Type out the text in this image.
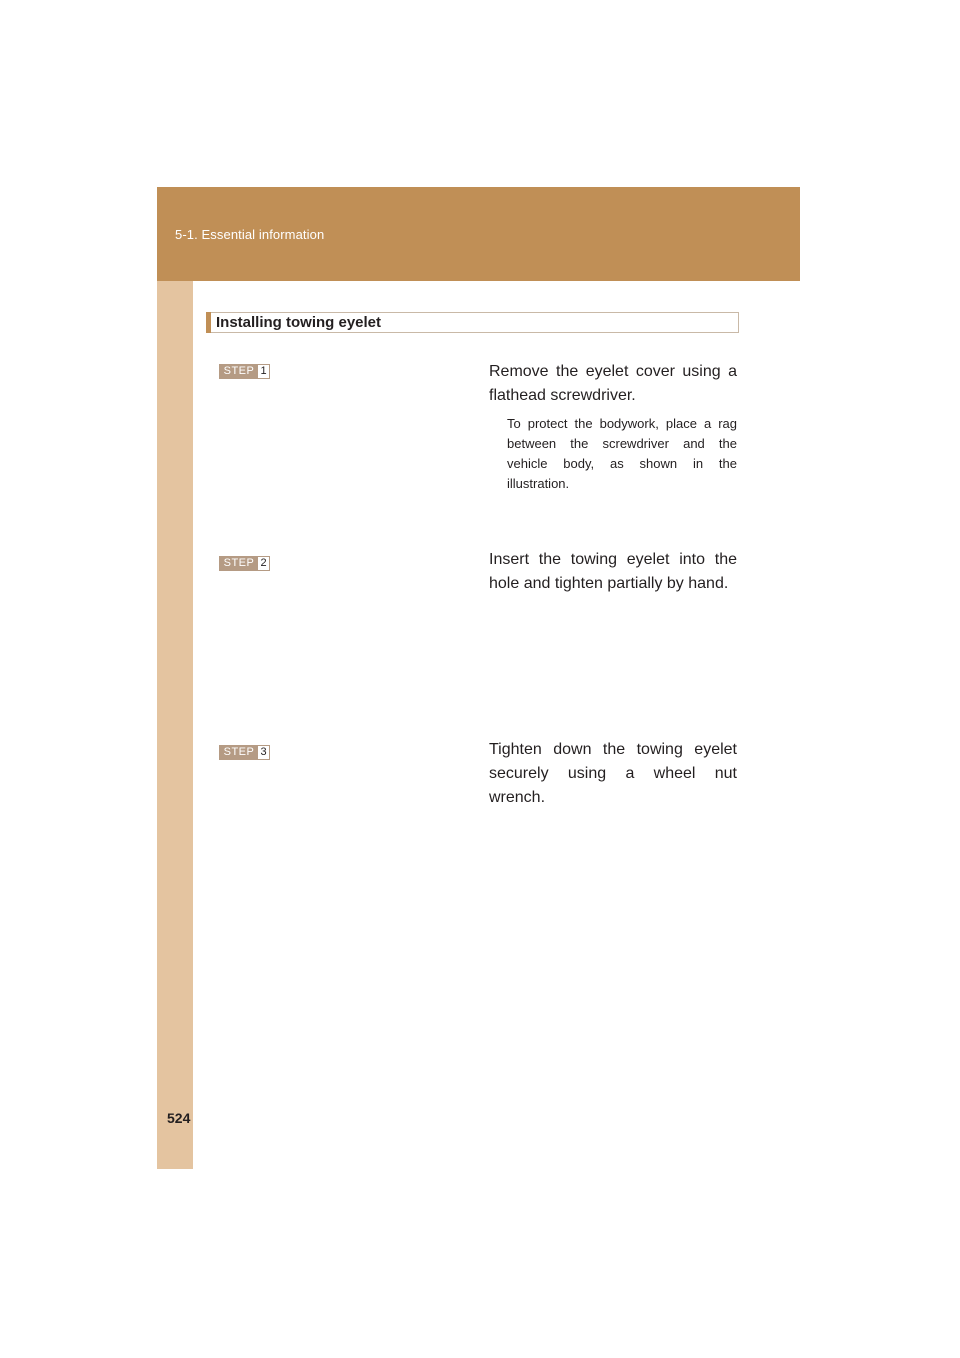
5-1. Essential information
524
Installing towing eyelet
STEP 1	Remove the eyelet cover using a flathead screwdriver.
To protect the bodywork, place a rag between the screwdriver and the vehicle body, as shown in the illustration.
STEP 2	Insert the towing eyelet into the hole and tighten partially by hand.
STEP 3	Tighten down the towing eyelet securely using a wheel nut wrench.
